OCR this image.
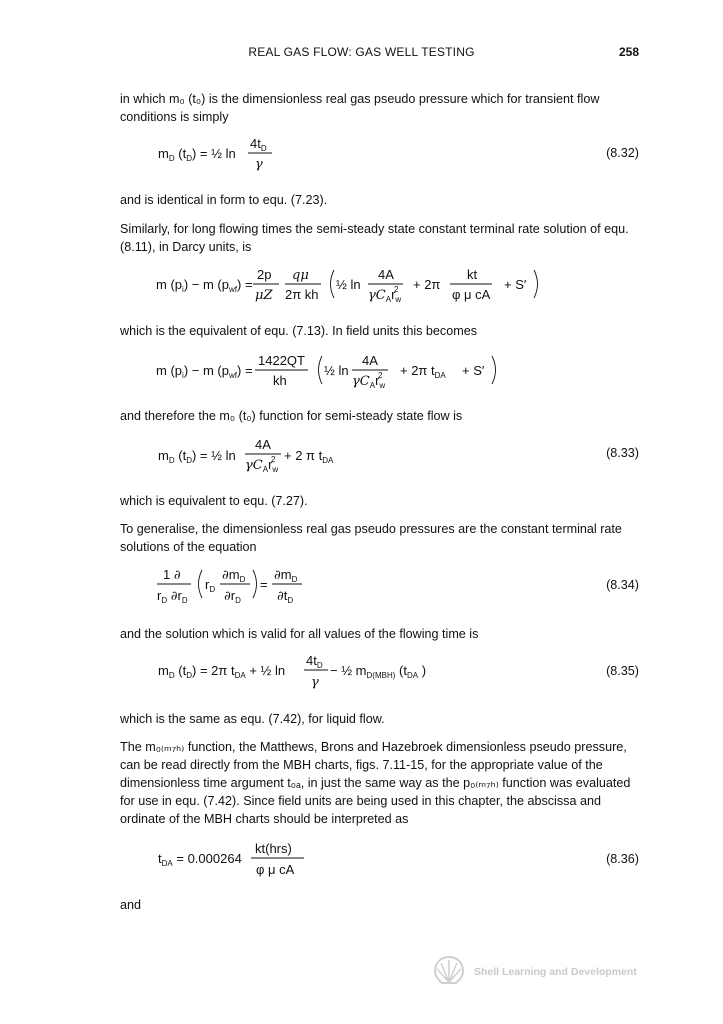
REAL GAS FLOW: GAS WELL TESTING	258
in which m₀ (t₀) is the dimensionless real gas pseudo pressure which for transient flow conditions is simply
$m_D$ $(t_D)$ = ½ ln
$4t_D$
γ
(8.32)
and is identical in form to equ. (7.23).
Similarly, for long flowing times the semi-steady state constant terminal rate solution of equ. (8.11), in Darcy units, is
m $(p_i) - m$ $(p_{wf})$ =
2p
μZ
qμ
2π kh
½ ln
4A
$\gamma C_Ar_w$
2 + 2π
kt
φ μ cA
+ S′
which is the equivalent of equ. (7.13). In field units this becomes
m $(p_i) - m$ $(p_{wf})$ =
1422QT
kh
½ ln
4A
$\gamma C_Ar_w$
2 + 2π $t_{DA} + S'$
and therefore the m₀ (t₀) function for semi-steady state flow is
$m_D$ $(t_D)$ = ½ ln
4A
$\gamma C_Ar_w$
2 + 2 π $t_{DA}$
(8.33)
which is equivalent to equ. (7.27).
To generalise, the dimensionless real gas pseudo pressures are the constant terminal rate solutions of the equation
1 ∂
$r_D$ $\partial r_D$
$r_D$
$\partial m_D$
$\partial r_D$
=
$\partial m_D$
$\partial t_D$
(8.34)
and the solution which is valid for all values of the flowing time is
$m_D$ $(t_D) = 2\pi$ $t_{DA}$ + ½ ln
$4t_D$
γ
− ½ $m_{D(MBH)}$ ($t_{DA}$ )	(8.35)
which is the same as equ. (7.42), for liquid flow.
The m₀₍ₘ₇ₕ₎ function, the Matthews, Brons and Hazebroek dimensionless pseudo pressure, can be read directly from the MBH charts, figs. 7.11-15, for the appropriate value of the dimensionless time argument t₀ₐ, in just the same way as the p₀₍ₘ₇ₕ₎ function was evaluated for use in equ. (7.42). Since field units are being used in this chapter, the abscissa and ordinate of the MBH charts should be interpreted as
$t_{DA} = 0.000264$
kt(hrs)
φ μ cA
(8.36)
and
Shell Learning and Development
